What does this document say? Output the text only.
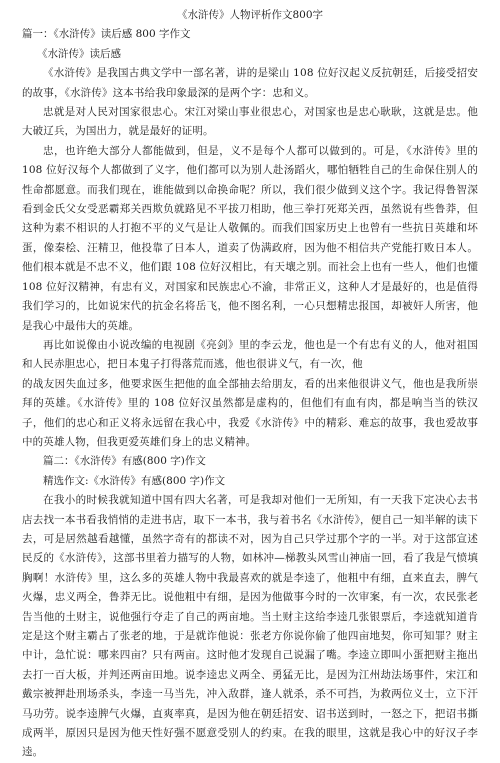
《水浒传》人物评析作文800字
篇一：《水浒传》读后感 800 字作文
《水浒传》读后感

《水浒传》是我国古典文学中一部名著，讲的是梁山 108 位好汉起义反抗朝廷，后接受招安的故事，《水浒传》这本书给我印象最深的是两个字：忠和义。

忠就是对人民对国家很忠心。宋江对梁山事业很忠心，对国家也是忠心耿耿，这就是忠。他大破辽兵，为国出力，就是最好的证明。

忠，也许绝大部分人都能做到，但是，义不是每个人都可以做到的。可是，《水浒传》里的 108 位好汉每个人都做到了义字，他们都可以为别人赴汤蹈火，哪怕牺牲自己的生命保住别人的性命都愿意。而我们现在，谁能做到以命换命呢？所以，我们很少做到义这个字。我记得鲁智深看到金氏父女受恶霸郑关西欺负就路见不平拔刀相助，他三拳打死郑关西，虽然说有些鲁莽，但这种为素不相识的人打抱不平的义气是让人敬佩的。而我们国家历史上也曾有一些抗日英雄和坏蛋，像秦桧、汪精卫，他投靠了日本人，道卖了伪满政府，因为他不相信共产党能打败日本人。他们根本就是不忠不义，他们跟 108 位好汉相比，有天壤之别。而社会上也有一些人，他们也懂 108 位好汉精神，有忠有义，对国家和民族忠心不渝，非常正义，这种人才是最好的，也是值得我们学习的，比如说宋代的抗金名将岳飞，他不图名利，一心只想精忠报国，却被奸人所害，他是我心中最伟大的英雄。

再比如说像由小说改编的电视剧《亮剑》里的李云龙，他也是一个有忠有义的人，他对祖国和人民赤胆忠心，把日本鬼子打得落荒而逃，他也很讲义气，有一次，他

的战友因失血过多，他要求医生把他的血全部抽去给朋友，看的出来他很讲义气，他也是我所崇拜的英雄。《水浒传》里的 108 位好汉虽然都是虚构的，但他们有血有肉，都是响当当的铁汉子，他们的忠心和正义将永远留在我心中，我爱《水浒传》中的精彩、难忘的故事，我也爱故事中的英雄人物，但我更爱英雄们身上的忠义精神。

篇二：《水浒传》有感(800 字)作文
精选作文:《水浒传》有感(800 字)作文

在我小的时候我就知道中国有四大名著，可是我却对他们一无所知，有一天我下定决心去书店去找一本书看我悄悄的走进书店，取下一本书，我与着书名《水浒传》，便自己一知半解的读下去，可是居然越看越懂，虽然字奇有的都读不对，因为自己只学过那个字的一半。对于这部宣述民反的《水浒传》，这部书里着力描写的人物，如林冲—梯教头风雪山神庙一回，看了我是气愤填胸啊！水浒传》里，这么多的英雄人物中我最喜欢的就是李逵了，他粗中有细，直来直去，脾气火爆，忠义两全，鲁莽无比。说他粗中有细，是因为他做事今时的一次审案，有一次，农民张老告当他的土财主，说他强行夺走了自己的两亩地。当土财主这给李逵几张银票后，李逵就知道肯定是这个财主霸占了张老的地，于是就诈他说：张老方你说你偷了他四亩地契，你可知罪？财主中计，急忙说：哪来四亩？只有两亩。这时他才发现自己说漏了嘴。李逵立即叫小蛋把财主拖出去打一百大板，并判还两亩田地。说李逵忠义两全、勇猛无比，是因为江州劫法场事件，宋江和戴宗被押赴刑场杀头，李逵一马当先，冲入敌群，逢人就杀，杀不可挡，为救两位义士，立下汗马功劳。说李逵脾气火爆，直爽率真，是因为他在朝廷招安、诏书送到时，一怒之下，把诏书撕成两半，原因只是因为他天性好强不愿意受别人的约束。在我的眼里，这就是我心中的好汉子李逵。
